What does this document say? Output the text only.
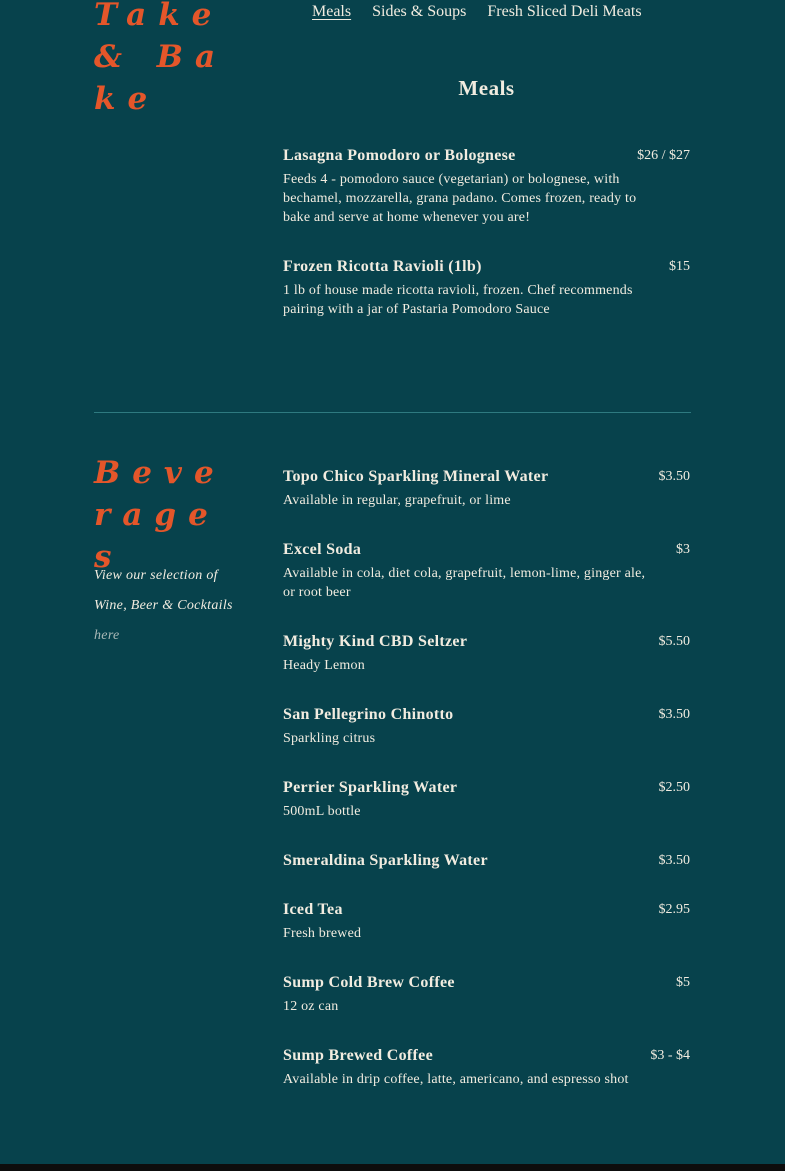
Take & Bake
Meals Sides & Soups Fresh Sliced Deli Meats
Meals
Lasagna Pomodoro or Bolognese	$26 / $27
Feeds 4 - pomodoro sauce (vegetarian) or bolognese, with bechamel, mozzarella, grana padano. Comes frozen, ready to bake and serve at home whenever you are!
Frozen Ricotta Ravioli (1lb)	$15
1 lb of house made ricotta ravioli, frozen. Chef recommends pairing with a jar of Pastaria Pomodoro Sauce
Beverages
View our selection of
Wine, Beer & Cocktails
here
Topo Chico Sparkling Mineral Water	$3.50
Available in regular, grapefruit, or lime
Excel Soda	$3
Available in cola, diet cola, grapefruit, lemon-lime, ginger ale, or root beer
Mighty Kind CBD Seltzer	$5.50
Heady Lemon
San Pellegrino Chinotto	$3.50
Sparkling citrus
Perrier Sparkling Water	$2.50
500mL bottle
Smeraldina Sparkling Water	$3.50
Iced Tea	$2.95
Fresh brewed
Sump Cold Brew Coffee	$5
12 oz can
Sump Brewed Coffee	$3 - $4
Available in drip coffee, latte, americano, and espresso shot
